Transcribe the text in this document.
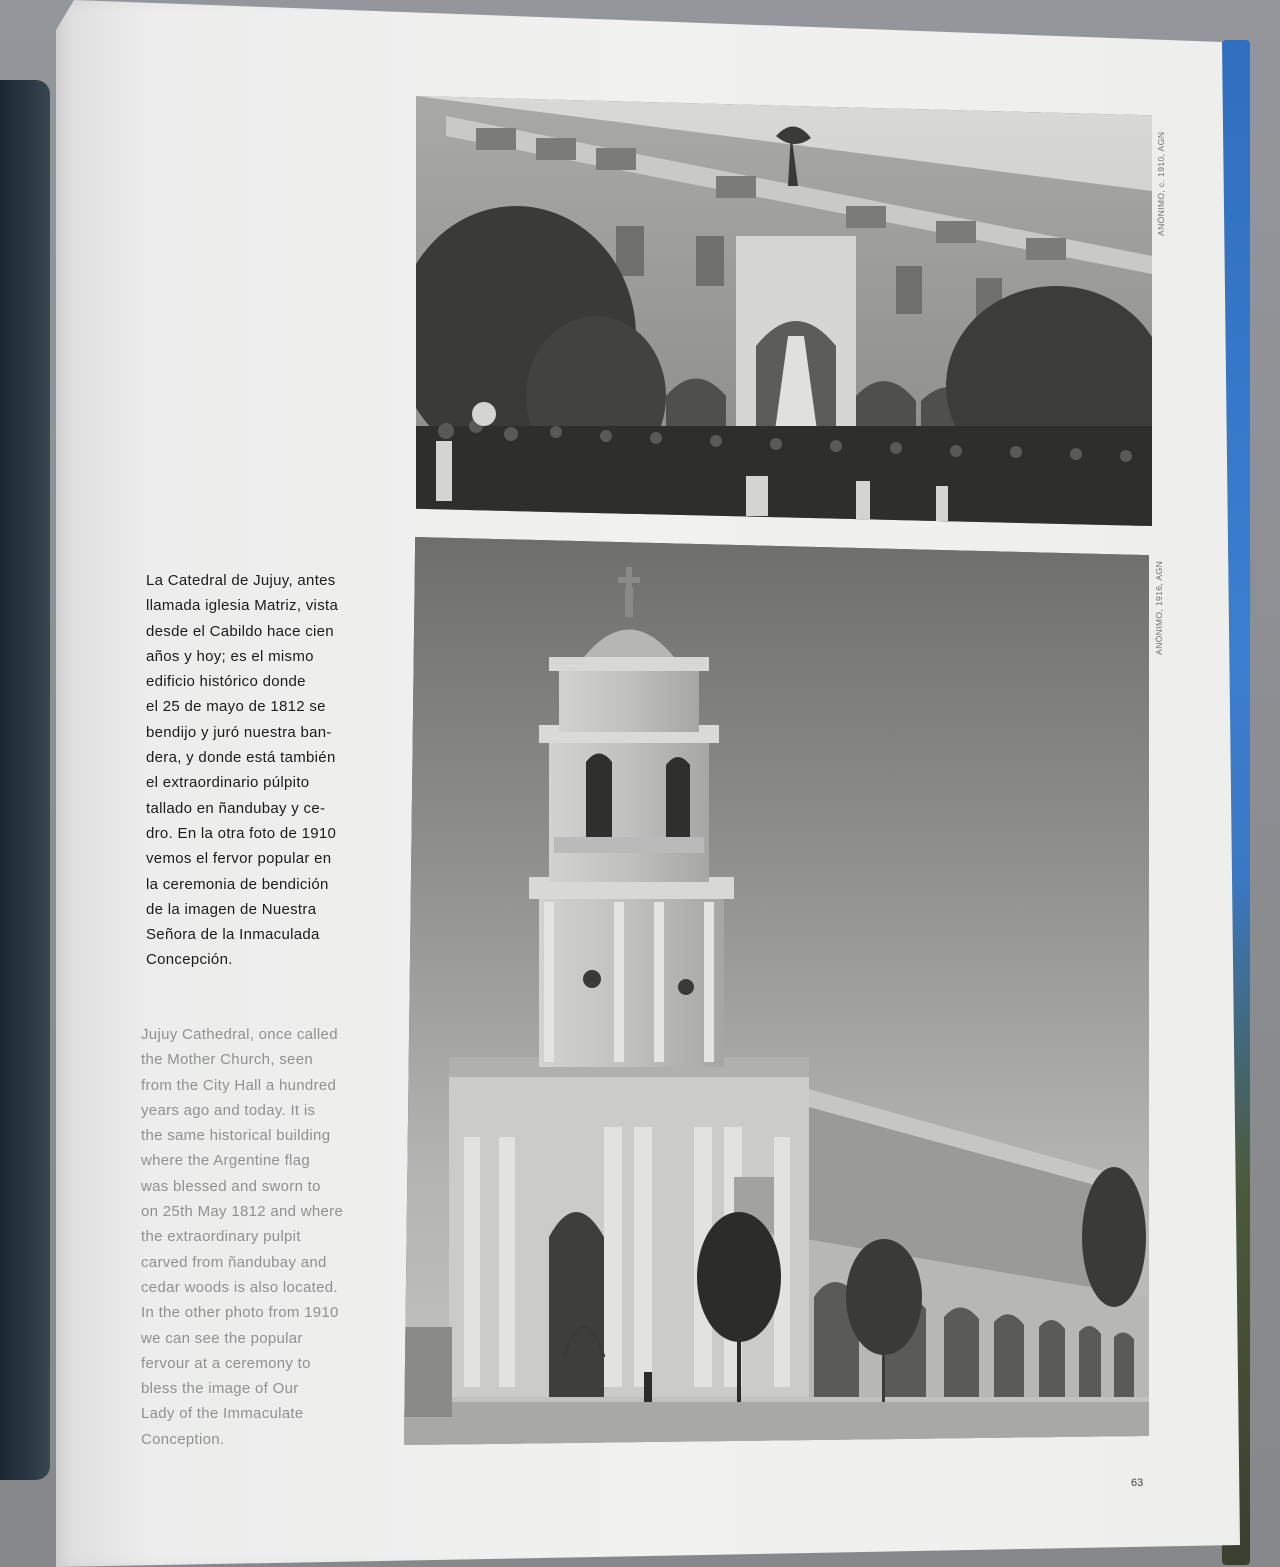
ANÓNIMO, c. 1910, AGN
ANÓNIMO, 1916, AGN

La Catedral de Jujuy, antes
llamada iglesia Matriz, vista
desde el Cabildo hace cien
años y hoy; es el mismo
edificio histórico donde
el 25 de mayo de 1812 se
bendijo y juró nuestra ban-
dera, y donde está también
el extraordinario púlpito
tallado en ñandubay y ce-
dro. En la otra foto de 1910
vemos el fervor popular en
la ceremonia de bendición
de la imagen de Nuestra
Señora de la Inmaculada
Concepción.

Jujuy Cathedral, once called
the Mother Church, seen
from the City Hall a hundred
years ago and today. It is
the same historical building
where the Argentine flag
was blessed and sworn to
on 25th May 1812 and where
the extraordinary pulpit
carved from ñandubay and
cedar woods is also located.
In the other photo from 1910
we can see the popular
fervour at a ceremony to
bless the image of Our
Lady of the Immaculate
Conception.

63
